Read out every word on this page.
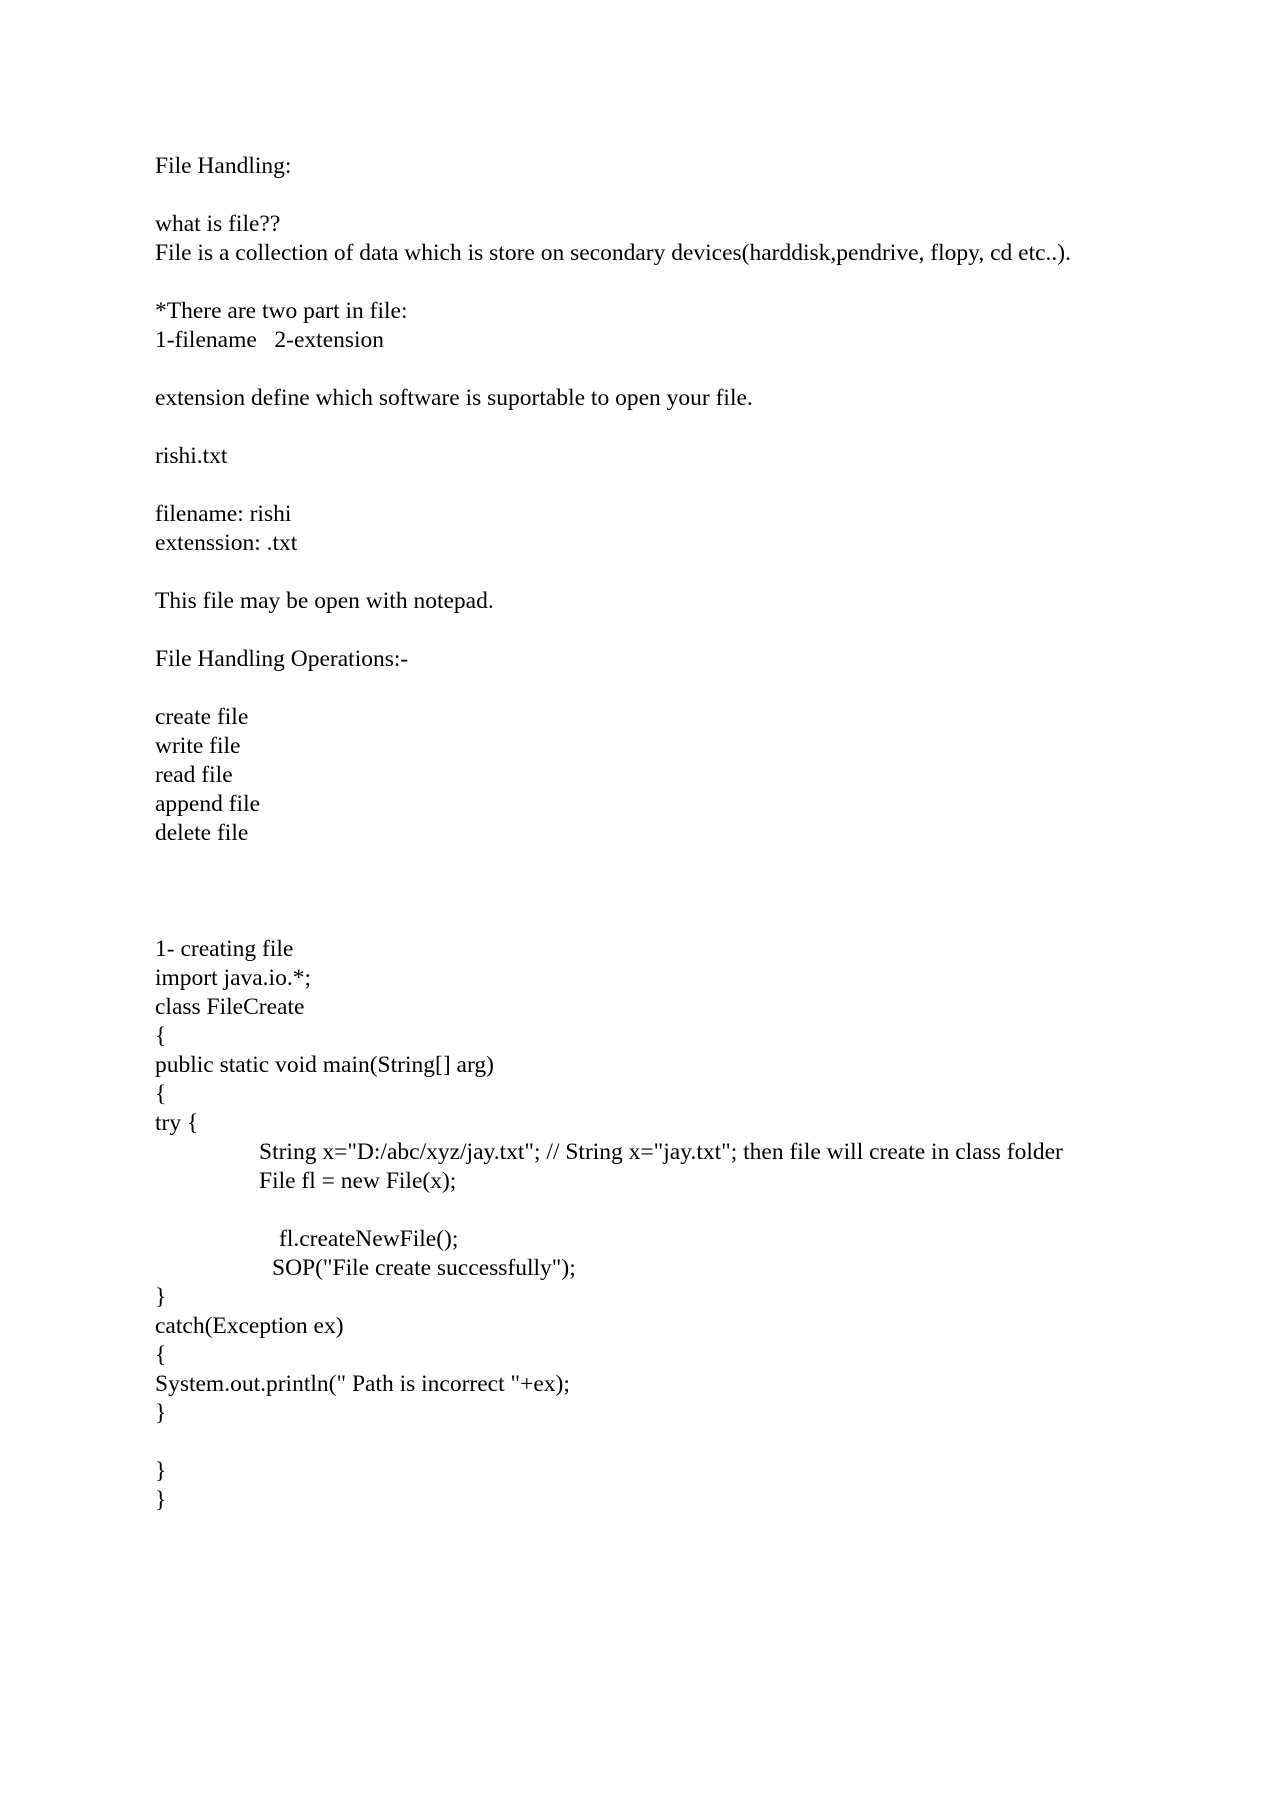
File Handling:
what is file??
File is a collection of data which is store on secondary devices(harddisk,pendrive, flopy, cd etc..).
*There are two part in file:
1-filename   2-extension
extension define which software is suportable to open your file.
rishi.txt
filename: rishi
extenssion: .txt
This file may be open with notepad.
File Handling Operations:-
create file
write file
read file
append file
delete file
1- creating file
import java.io.*;
class FileCreate
{
public static void main(String[] arg)
{
try {
String x="D:/abc/xyz/jay.txt"; // String x="jay.txt"; then file will create in class folder
File fl = new File(x);
fl.createNewFile();
SOP("File create successfully");
}
catch(Exception ex)
{
System.out.println(" Path is incorrect "+ex);
}
}
}
